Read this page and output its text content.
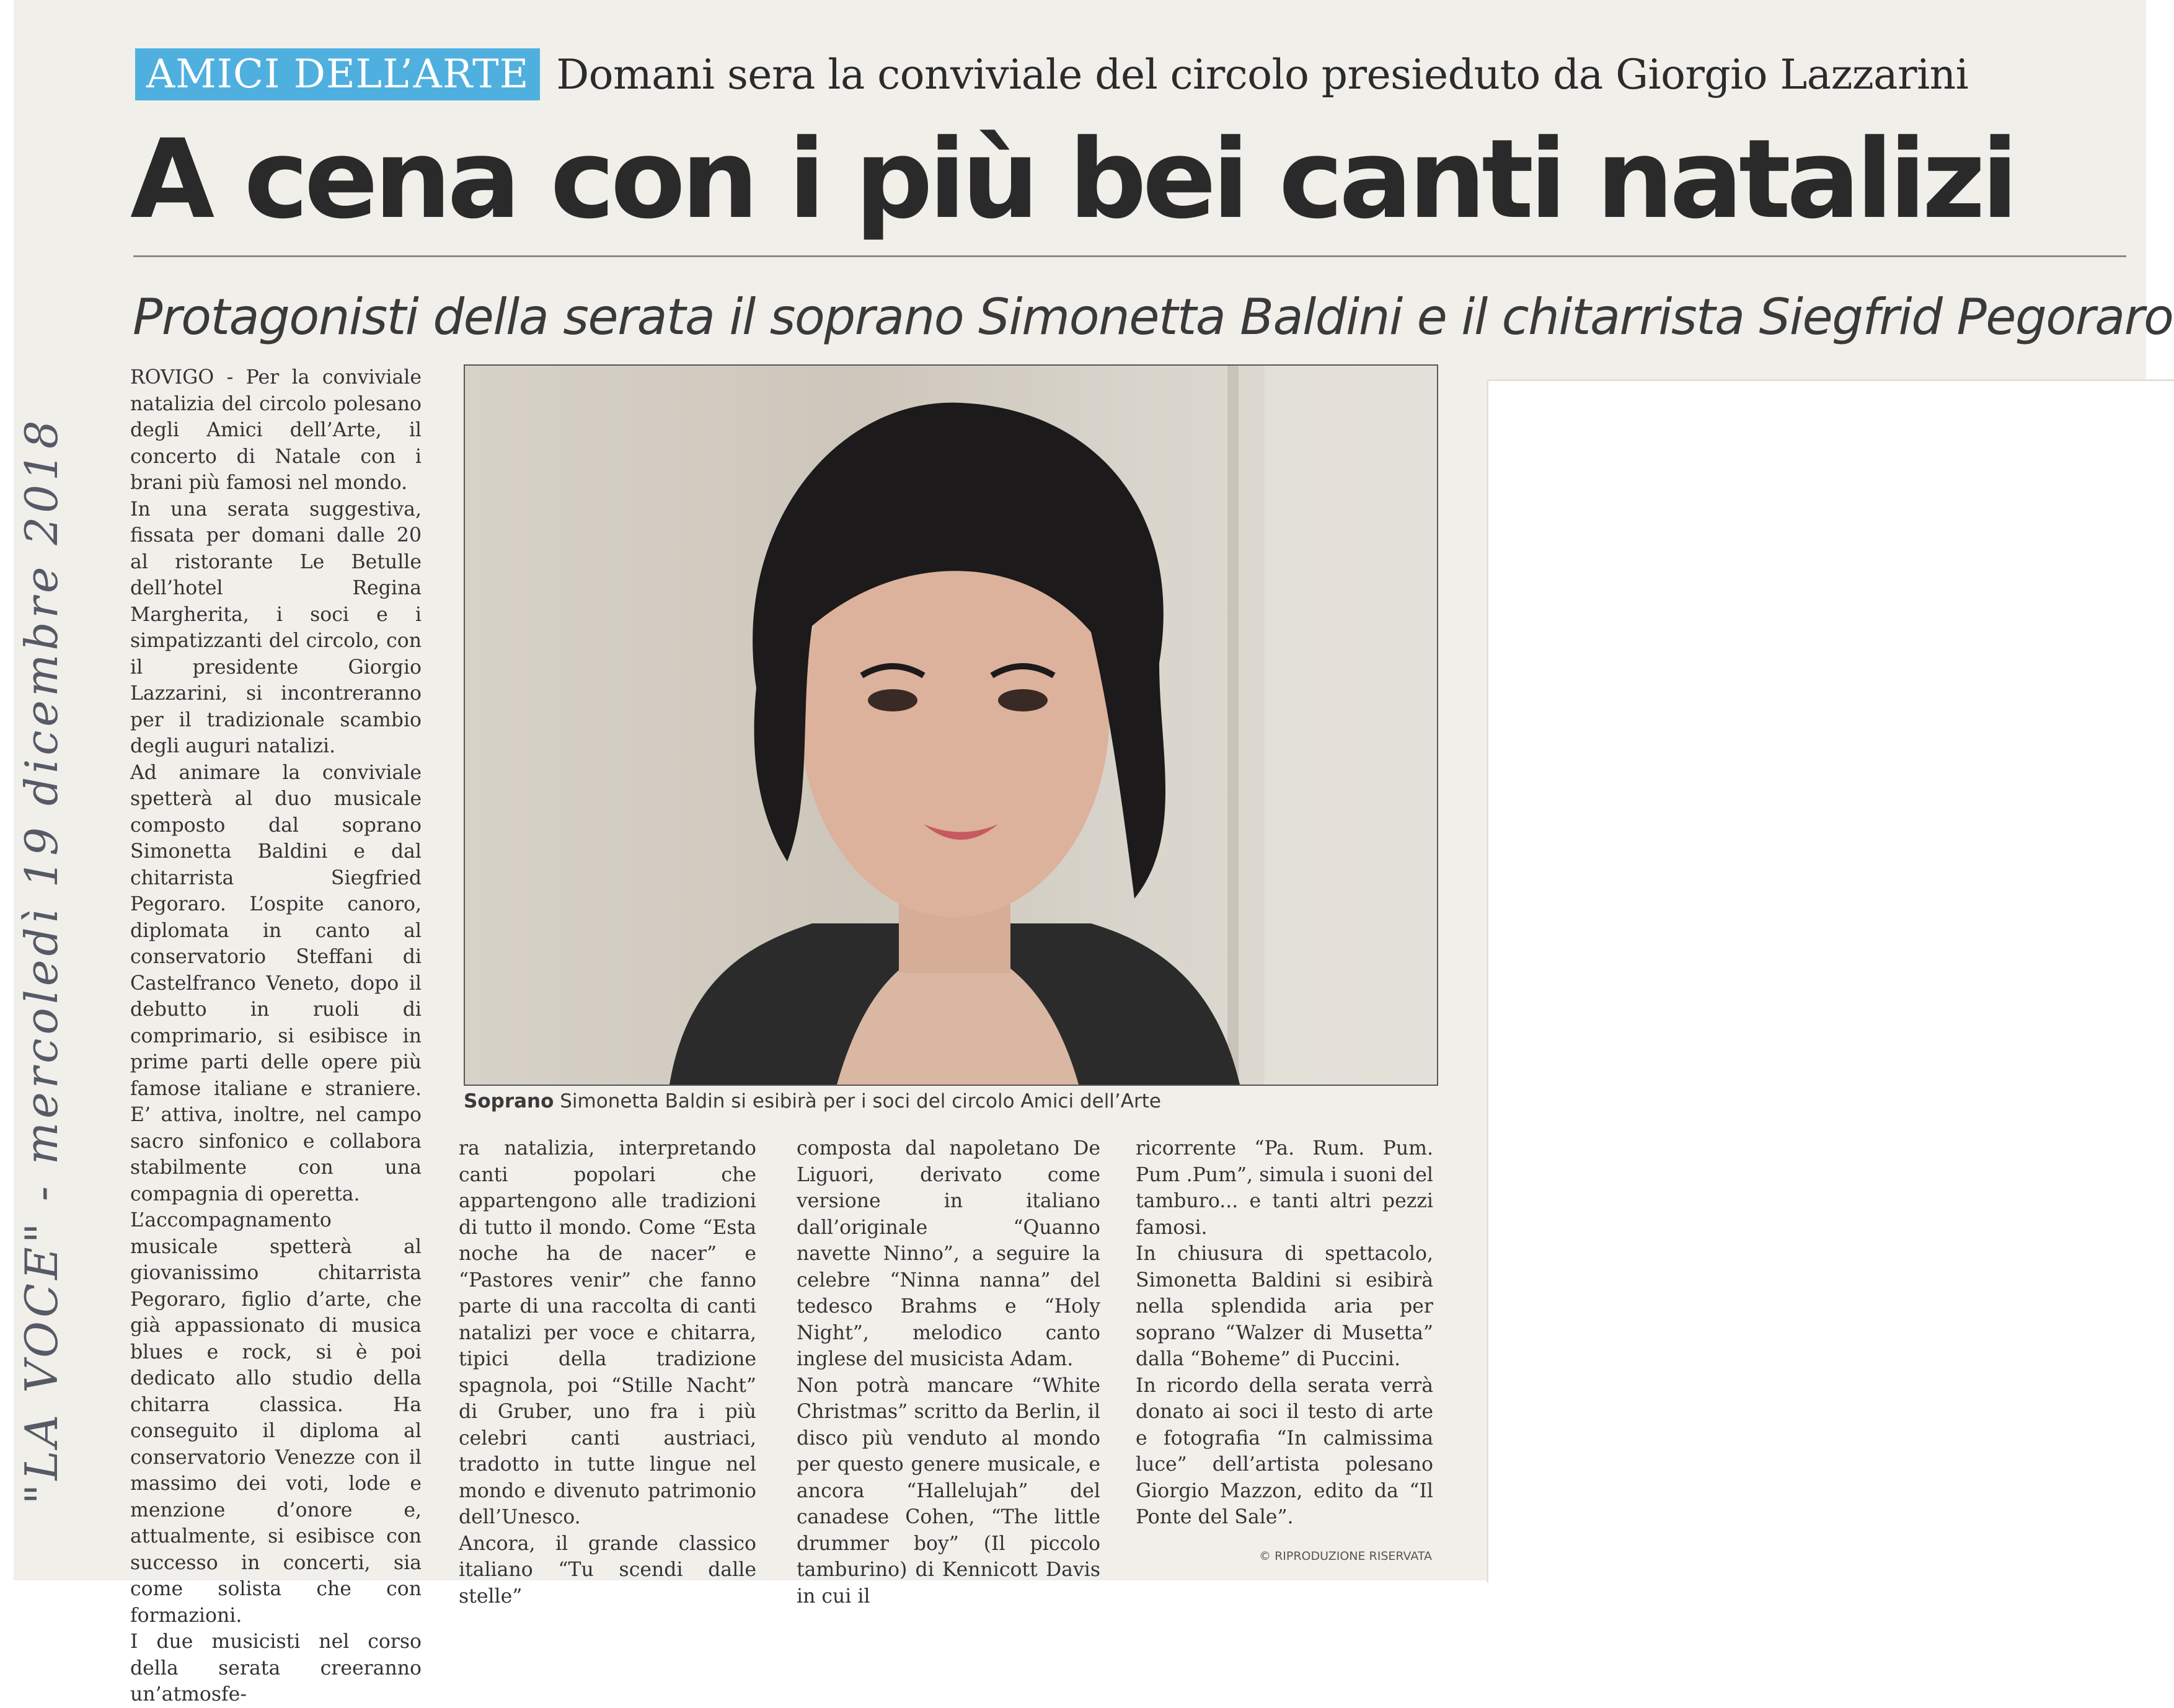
"LA VOCE" - mercoledì 19 dicembre 2018
AMICI DELL’ARTE Domani sera la conviviale del circolo presieduto da Giorgio Lazzarini
A cena con i più bei canti natalizi
Protagonisti della serata il soprano Simonetta Baldini e il chitarrista Siegfrid Pegoraro

ROVIGO - Per la conviviale natalizia del circolo polesano degli Amici dell’Arte, il concerto di Natale con i brani più famosi nel mondo.

In una serata suggestiva, fissata per domani dalle 20 al ristorante Le Betulle dell’hotel Regina Margherita, i soci e i simpatizzanti del circolo, con il presidente Giorgio Lazzarini, si incontreranno per il tradizionale scambio degli auguri natalizi.

Ad animare la conviviale spetterà al duo musicale composto dal soprano Simonetta Baldini e dal chitarrista Siegfried Pegoraro. L’ospite canoro, diplomata in canto al conservatorio Steffani di Castelfranco Veneto, dopo il debutto in ruoli di comprimario, si esibisce in prime parti delle opere più famose italiane e straniere. E’ attiva, inoltre, nel campo sacro sinfonico e collabora stabilmente con una compagnia di operetta.

L’accompagnamento musicale spetterà al giovanissimo chitarrista Pegoraro, figlio d’arte, che già appassionato di musica blues e rock, si è poi dedicato allo studio della chitarra classica. Ha conseguito il diploma al conservatorio Venezze con il massimo dei voti, lode e menzione d’onore e, attualmente, si esibisce con successo in concerti, sia come solista che con formazioni.

I due musicisti nel corso della serata creeranno un’atmosfe-

Soprano Simonetta Baldin si esibirà per i soci del circolo Amici dell’Arte

ra natalizia, interpretando canti popolari che appartengono alle tradizioni di tutto il mondo. Come “Esta noche ha de nacer” e “Pastores venir” che fanno parte di una raccolta di canti natalizi per voce e chitarra, tipici della tradizione spagnola, poi “Stille Nacht” di Gruber, uno fra i più celebri canti austriaci, tradotto in tutte lingue nel mondo e divenuto patrimonio dell’Unesco.

Ancora, il grande classico italiano “Tu scendi dalle stelle”

composta dal napoletano De Liguori, derivato come versione in italiano dall’originale “Quanno navette Ninno”, a seguire la celebre “Ninna nanna” del tedesco Brahms e “Holy Night”, melodico canto inglese del musicista Adam.

Non potrà mancare “White Christmas” scritto da Berlin, il disco più venduto al mondo per questo genere musicale, e ancora “Hallelujah” del canadese Cohen, “The little drummer boy” (Il piccolo tamburino) di Kennicott Davis in cui il

ricorrente “Pa. Rum. Pum. Pum .Pum”, simula i suoni del tamburo... e tanti altri pezzi famosi.

In chiusura di spettacolo, Simonetta Baldini si esibirà nella splendida aria per soprano “Walzer di Musetta” dalla “Boheme” di Puccini.

In ricordo della serata verrà donato ai soci il testo di arte e fotografia “In calmissima luce” dell’artista polesano Giorgio Mazzon, edito da “Il Ponte del Sale”.

© RIPRODUZIONE RISERVATA
